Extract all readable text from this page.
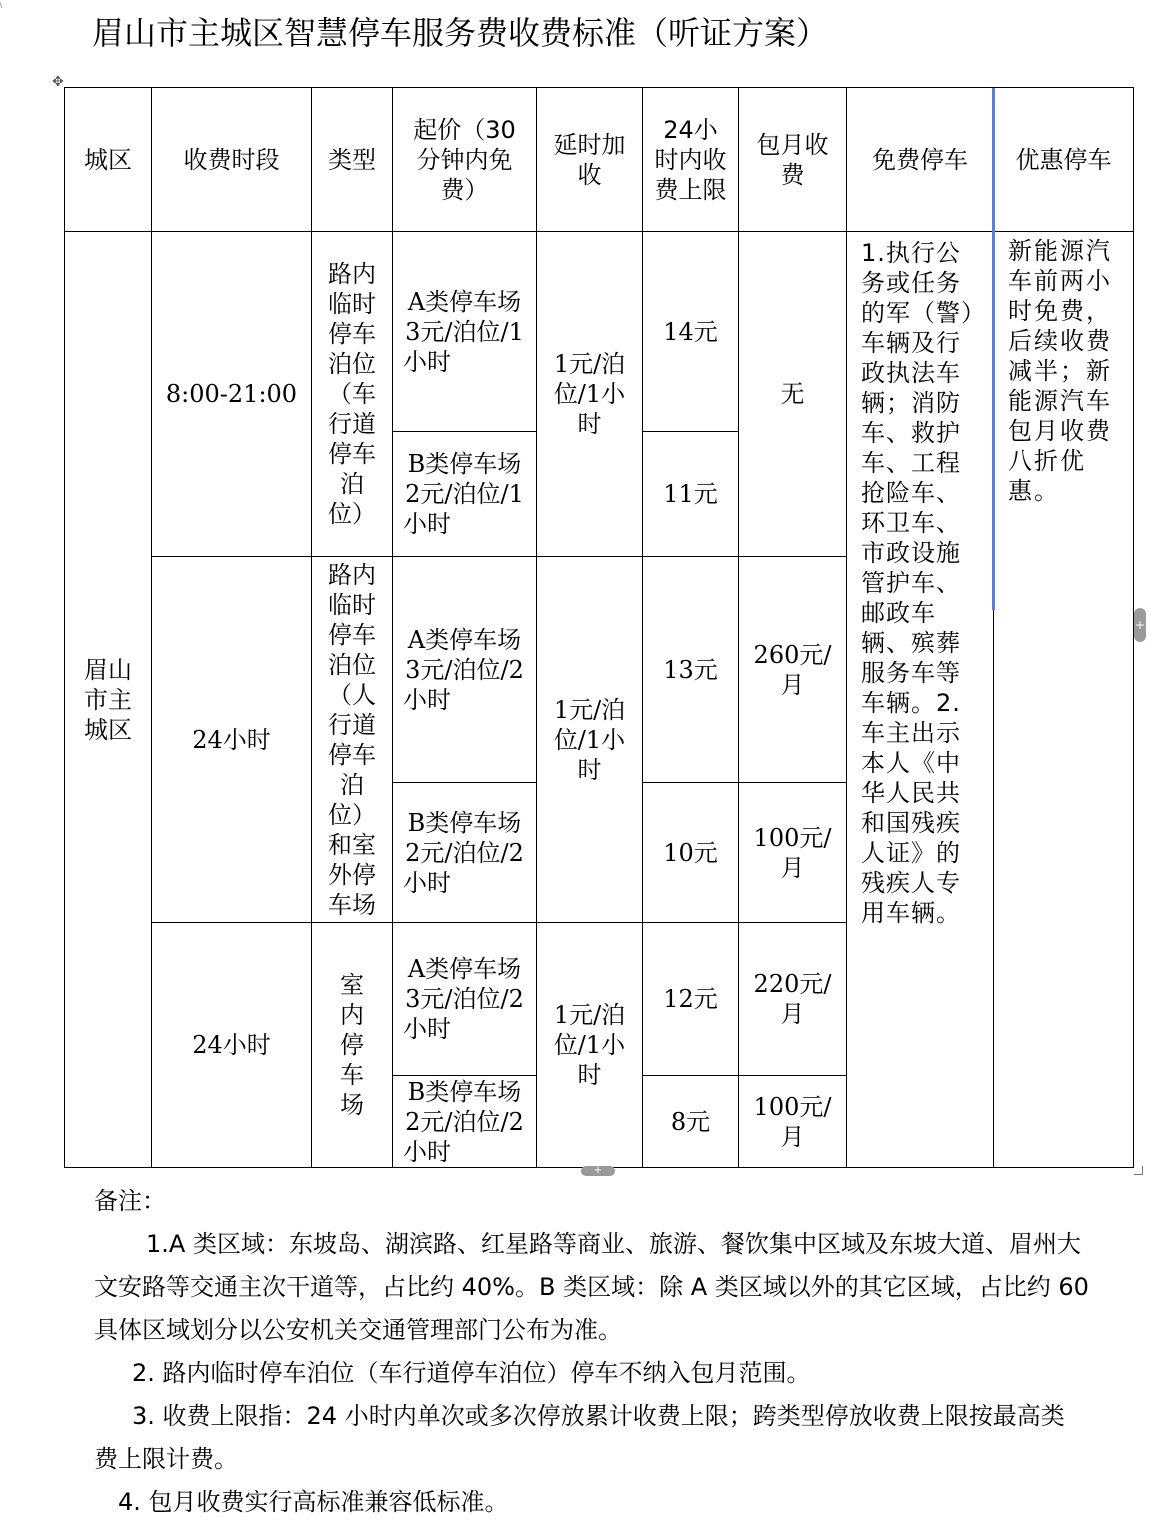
眉山市主城区智慧停车服务费收费标准（听证方案）
✥
城区	收费时段	类型	起价（30分钟内免费）	延时加收	24小时内收费上限	包月收费	免费停车	优惠停车
眉山市主城区	8:00-21:00	路内临时停车泊位（车行道停车泊位）	A类停车场 3元/泊位/1小时	1元/泊位/1小时	14元	无	1.执行公务或任务的军（警）车辆及行政执法车辆；消防车、救护车、工程抢险车、环卫车、市政设施管护车、邮政车辆、殡葬服务车等车辆。2.车主出示本人《中华人民共和国残疾人证》的残疾人专用车辆。	新能源汽车前两小时免费，后续收费减半；新能源汽车包月收费八折优惠。
			B类停车场 2元/泊位/1小时		11元			
	24小时	路内临时停车泊位（人行道停车泊位）和室外停车场	A类停车场3元/泊位/2小时	1元/泊位/1小时	13元	260元/月		
			B类停车场 2元/泊位/2小时		10元	100元/月		
	24小时	室内停车场	A类停车场 3元/泊位/2小时	1元/泊位/1小时	12元	220元/月		
			B类停车场2元/泊位/2小时		8元	100元/月		
+
+

备注：

1.A 类区域：东坡岛、湖滨路、红星路等商业、旅游、餐饮集中区域及东坡大道、眉州大

文安路等交通主次干道等，占比约 40%。B 类区域：除 A 类区域以外的其它区域，占比约 60

具体区域划分以公安机关交通管理部门公布为准。

2. 路内临时停车泊位（车行道停车泊位）停车不纳入包月范围。

3. 收费上限指：24 小时内单次或多次停放累计收费上限；跨类型停放收费上限按最高类

费上限计费。

4. 包月收费实行高标准兼容低标准。
